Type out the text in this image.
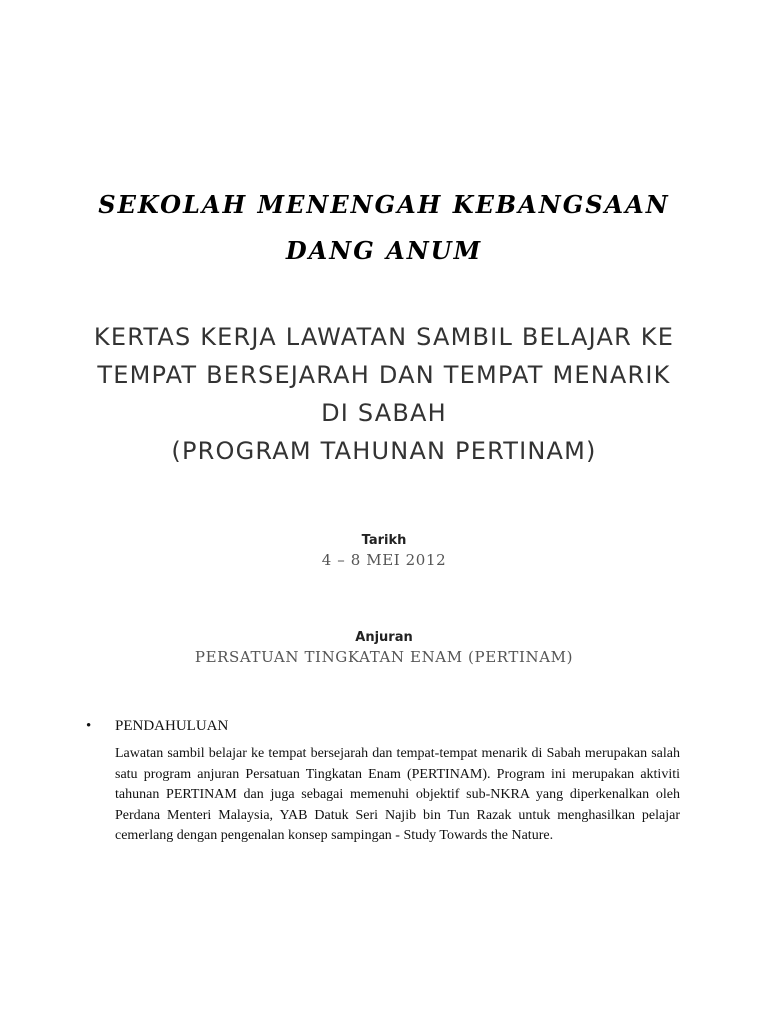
SEKOLAH MENENGAH KEBANGSAAN DANG ANUM
KERTAS KERJA LAWATAN SAMBIL BELAJAR KE
TEMPAT BERSEJARAH DAN TEMPAT MENARIK
DI SABAH
(PROGRAM TAHUNAN PERTINAM)
Tarikh
4 – 8 MEI 2012
Anjuran
PERSATUAN TINGKATAN ENAM (PERTINAM)
•	PENDAHULUAN
Lawatan sambil belajar ke tempat bersejarah dan tempat-tempat menarik di Sabah merupakan salah satu program anjuran Persatuan Tingkatan Enam (PERTINAM). Program ini merupakan aktiviti tahunan PERTINAM dan juga sebagai memenuhi objektif sub-NKRA yang diperkenalkan oleh Perdana Menteri Malaysia, YAB Datuk Seri Najib bin Tun Razak untuk menghasilkan pelajar cemerlang dengan pengenalan konsep sampingan - Study Towards the Nature.
